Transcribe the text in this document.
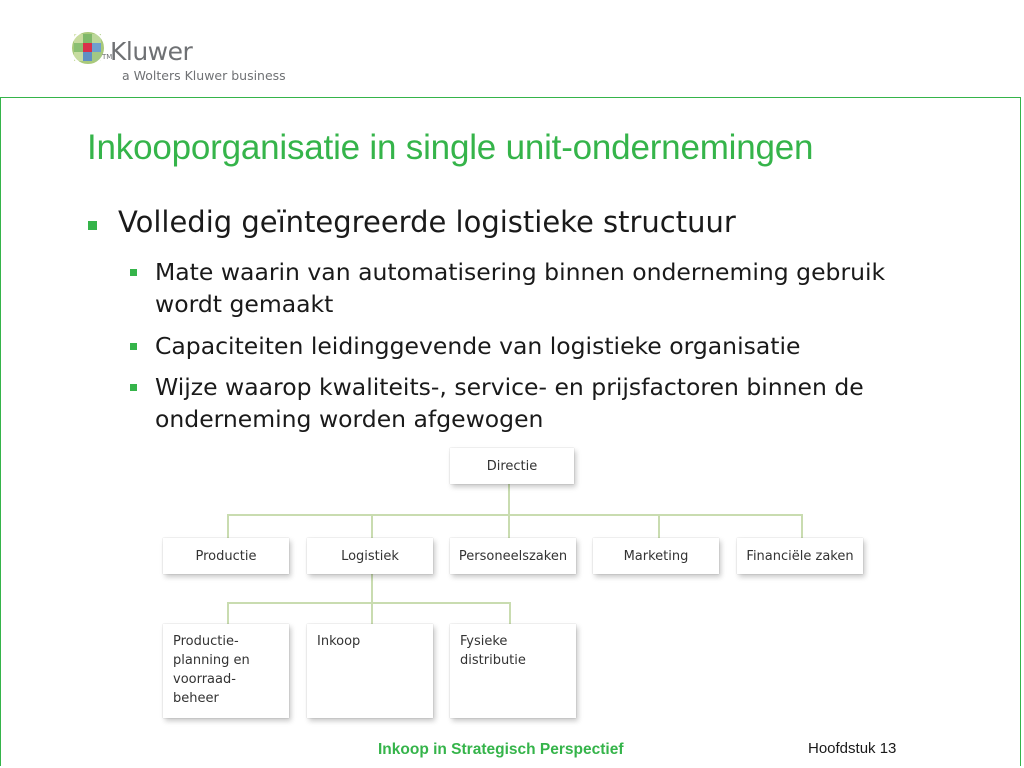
TM
Kluwer
a Wolters Kluwer business
Inkooporganisatie in single unit-ondernemingen
Volledig geïntegreerde logistieke structuur
Mate waarin van automatisering binnen onderneming gebruik wordt gemaakt
Capaciteiten leidinggevende van logistieke organisatie
Wijze waarop kwaliteits-, service- en prijsfactoren binnen de onderneming worden afgewogen
Directie
Productie	Logistiek	Personeelszaken	Marketing	Financiële zaken
Productie-
planning en
voorraad-
beheer
Inkoop	Fysieke
distributie
Inkoop in Strategisch Perspectief	Hoofdstuk 13
